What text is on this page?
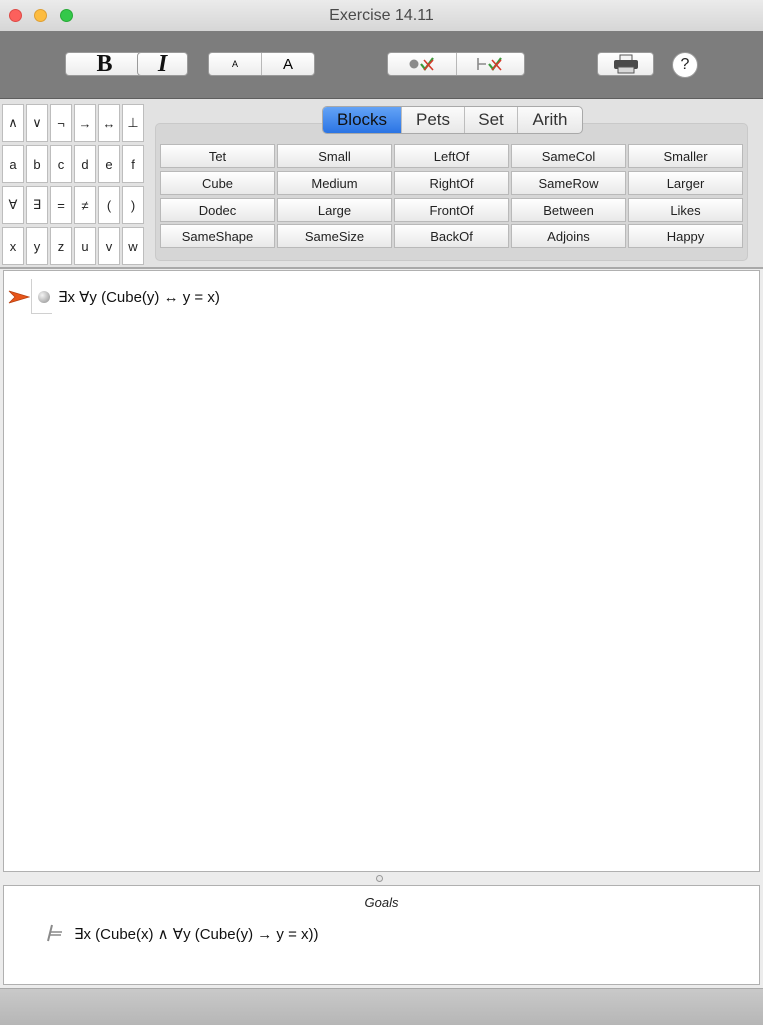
Exercise 14.11
B	I	A	A	?
∧	∨	¬	→ ↔ ⊥
a	b	c	d	e	f
∀	∃	=	≠	(	)
x	y	z	u	v	w
Blocks	Pets	Set	Arith
Tet	Small	LeftOf	SameCol	Smaller
Cube	Medium	RightOf	SameRow	Larger
Dodec	Large	FrontOf	Between	Likes
SameShape	SameSize	BackOf	Adjoins	Happy
∃x ∀y (Cube(y) ↔ y = x)
Goals
∃x (Cube(x) ∧ ∀y (Cube(y) → y = x))
